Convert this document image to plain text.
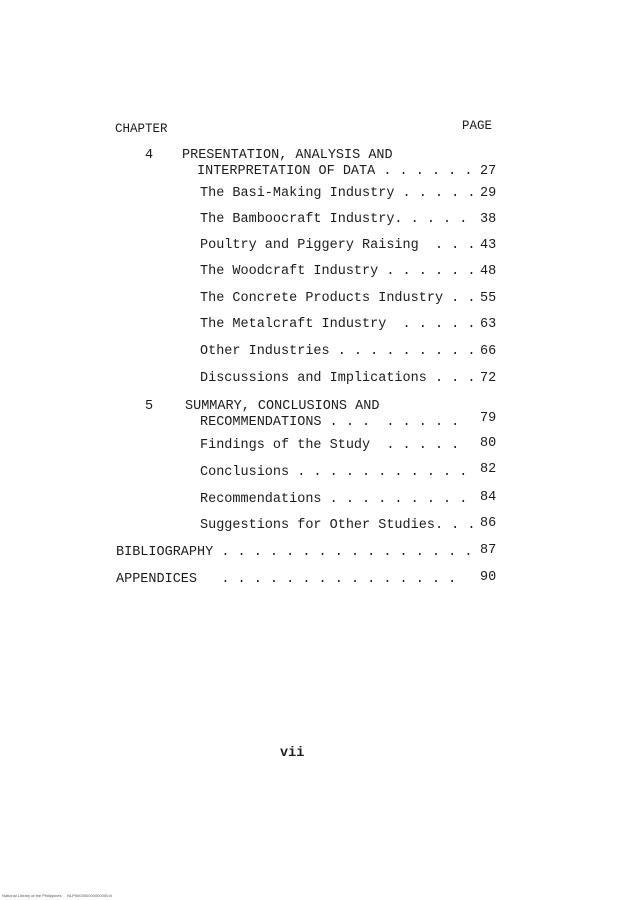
CHAPTER	PAGE
4 PRESENTATION, ANALYSIS AND
INTERPRETATION OF DATA . . . . . . 27
The Basi-Making Industry . . . . . 29
The Bamboocraft Industry. . . . . 38
Poultry and Piggery Raising  . . . 43
The Woodcraft Industry . . . . . . 48
The Concrete Products Industry . . 55
The Metalcraft Industry  . . . . . 63
Other Industries . . . . . . . . . 66
Discussions and Implications . . . 72
5 SUMMARY, CONCLUSIONS AND
RECOMMENDATIONS . . .  . . . . . 79
Findings of the Study  . . . . . 80
Conclusions . . . . . . . . . . . 82
Recommendations . . . . . . . . . 84
Suggestions for Other Studies. . . 86
BIBLIOGRAPHY . . . . . . . . . . . . . . . . 87
APPENDICES   . . . . . . . . . . . . . . . 90
vii
National Library of the Philippines     NLP000000000000000 iii
